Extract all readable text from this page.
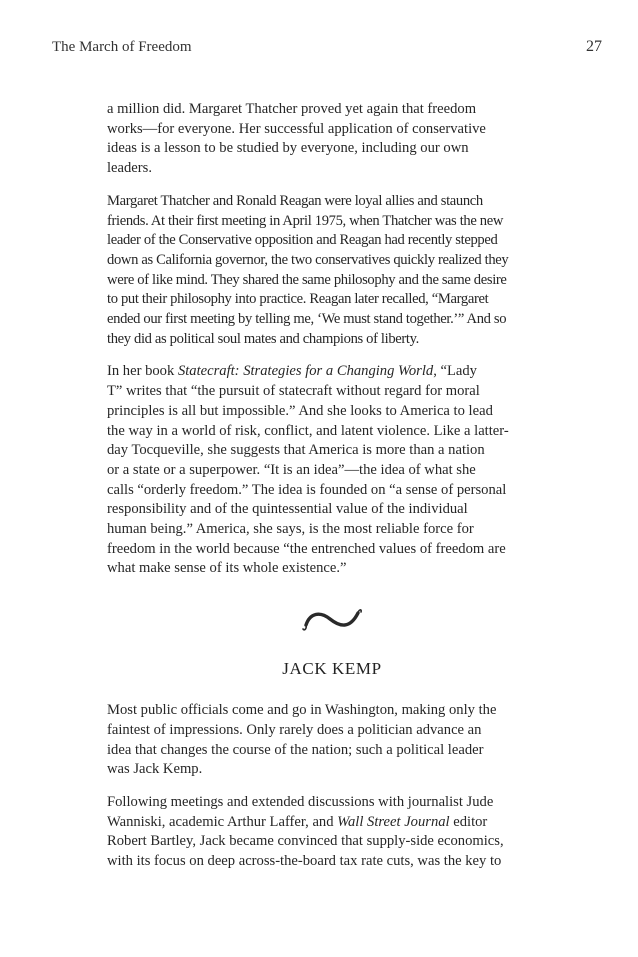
The March of Freedom	27

a million did. Margaret Thatcher proved yet again that freedom
works—for everyone. Her successful application of conservative
ideas is a lesson to be studied by everyone, including our own
leaders.

Margaret Thatcher and Ronald Reagan were loyal allies and staunch
friends. At their first meeting in April 1975, when Thatcher was the new
leader of the Conservative opposition and Reagan had recently stepped
down as California governor, the two conservatives quickly realized they
were of like mind. They shared the same philosophy and the same desire
to put their philosophy into practice. Reagan later recalled, “Margaret
ended our first meeting by telling me, ‘We must stand together.’” And so
they did as political soul mates and champions of liberty.

In her book Statecraft: Strategies for a Changing World, “Lady
T” writes that “the pursuit of statecraft without regard for moral
principles is all but impossible.” And she looks to America to lead
the way in a world of risk, conflict, and latent violence. Like a latter-
day Tocqueville, she suggests that America is more than a nation
or a state or a superpower. “It is an idea”—the idea of what she
calls “orderly freedom.” The idea is founded on “a sense of personal
responsibility and of the quintessential value of the individual
human being.” America, she says, is the most reliable force for
freedom in the world because “the entrenched values of freedom are
what make sense of its whole existence.”

JACK KEMP

Most public officials come and go in Washington, making only the
faintest of impressions. Only rarely does a politician advance an
idea that changes the course of the nation; such a political leader
was Jack Kemp.

Following meetings and extended discussions with journalist Jude
Wanniski, academic Arthur Laffer, and Wall Street Journal editor
Robert Bartley, Jack became convinced that supply-side economics,
with its focus on deep across-the-board tax rate cuts, was the key to
